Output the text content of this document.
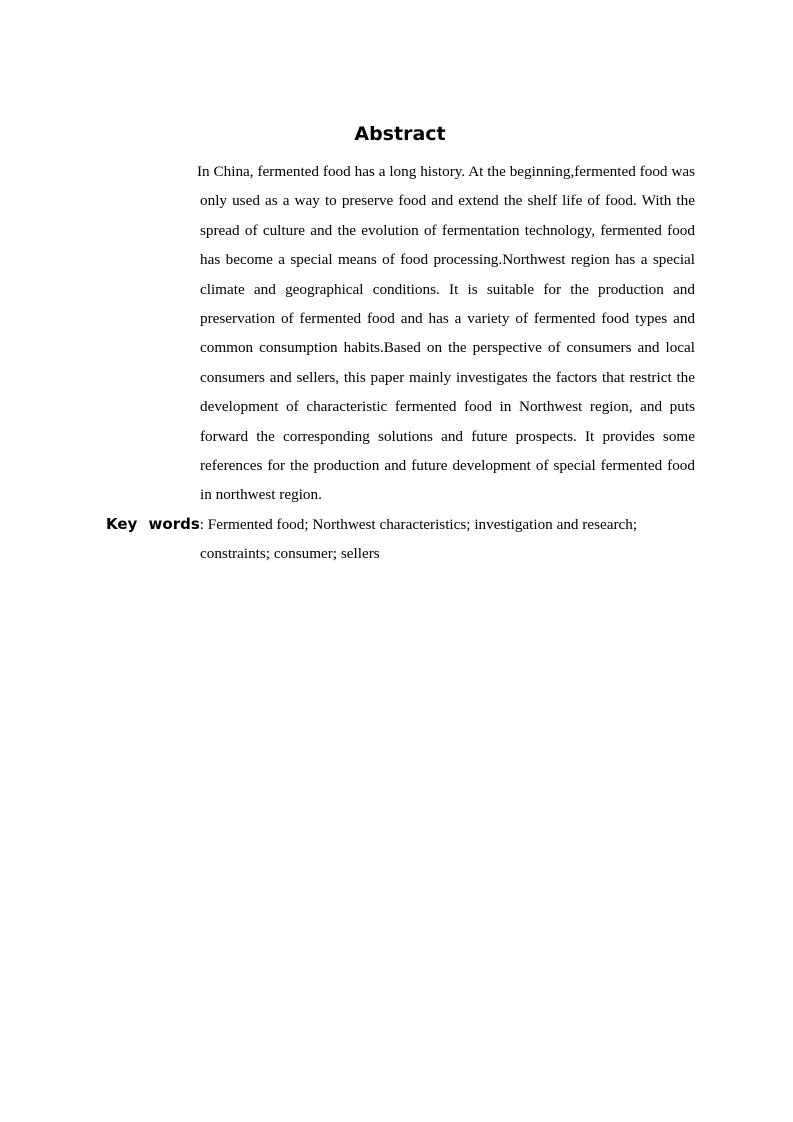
Abstract

In China, fermented food has a long history. At the beginning,fermented food was only used as a way to preserve food and extend the shelf life of food. With the spread of culture and the evolution of fermentation technology, fermented food has become a special means of food processing.Northwest region has a special climate and geographical conditions. It is suitable for the production and preservation of fermented food and has a variety of fermented food types and common consumption habits.Based on the perspective of consumers and local consumers and sellers, this paper mainly investigates the factors that restrict the development of characteristic fermented food in Northwest region, and puts forward the corresponding solutions and future prospects. It provides some references for the production and future development of special fermented food in northwest region.

Key words: Fermented food; Northwest characteristics; investigation and research;

constraints; consumer; sellers
